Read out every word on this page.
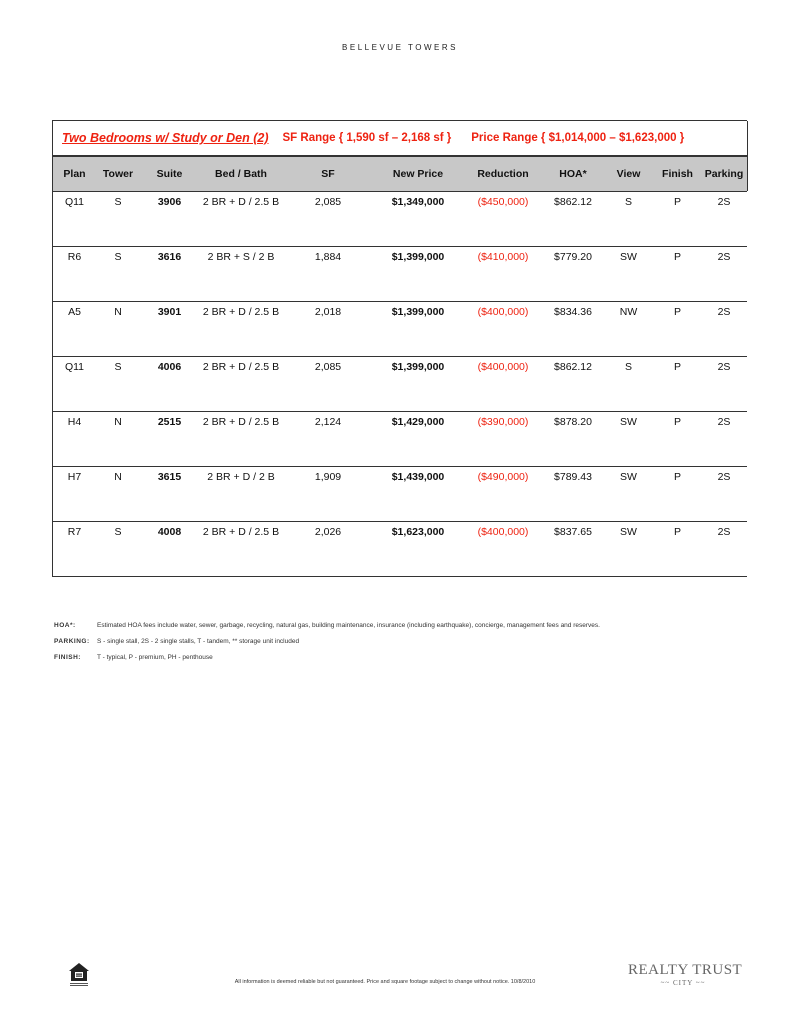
BELLEVUE TOWERS
Two Bedrooms w/ Study or Den (2) SF Range { 1,590 sf – 2,168 sf } Price Range { $1,014,000 – $1,623,000 }
Plan	Tower	Suite	Bed / Bath	SF	New Price	Reduction	HOA*	View	Finish	Parking
Q11	S	3906	2 BR + D / 2.5 B	2,085	$1,349,000	($450,000)	$862.12	S	P	2S
R6	S	3616	2 BR + S / 2 B	1,884	$1,399,000	($410,000)	$779.20	SW	P	2S
A5	N	3901	2 BR + D / 2.5 B	2,018	$1,399,000	($400,000)	$834.36	NW	P	2S
Q11	S	4006	2 BR + D / 2.5 B	2,085	$1,399,000	($400,000)	$862.12	S	P	2S
H4	N	2515	2 BR + D / 2.5 B	2,124	$1,429,000	($390,000)	$878.20	SW	P	2S
H7	N	3615	2 BR + D / 2 B	1,909	$1,439,000	($490,000)	$789.43	SW	P	2S
R7	S	4008	2 BR + D / 2.5 B	2,026	$1,623,000	($400,000)	$837.65	SW	P	2S
HOA*:	Estimated HOA fees include water, sewer, garbage, recycling, natural gas, building maintenance, insurance (including earthquake), concierge, management fees and reserves.
PARKING:	S - single stall, 2S - 2 single stalls, T - tandem, ** storage unit included
FINISH:	T - typical, P - premium, PH - penthouse
All information is deemed reliable but not guaranteed. Price and square footage subject to change without notice. 10/8/2010
REALTY TRUST
~~ CITY ~~
